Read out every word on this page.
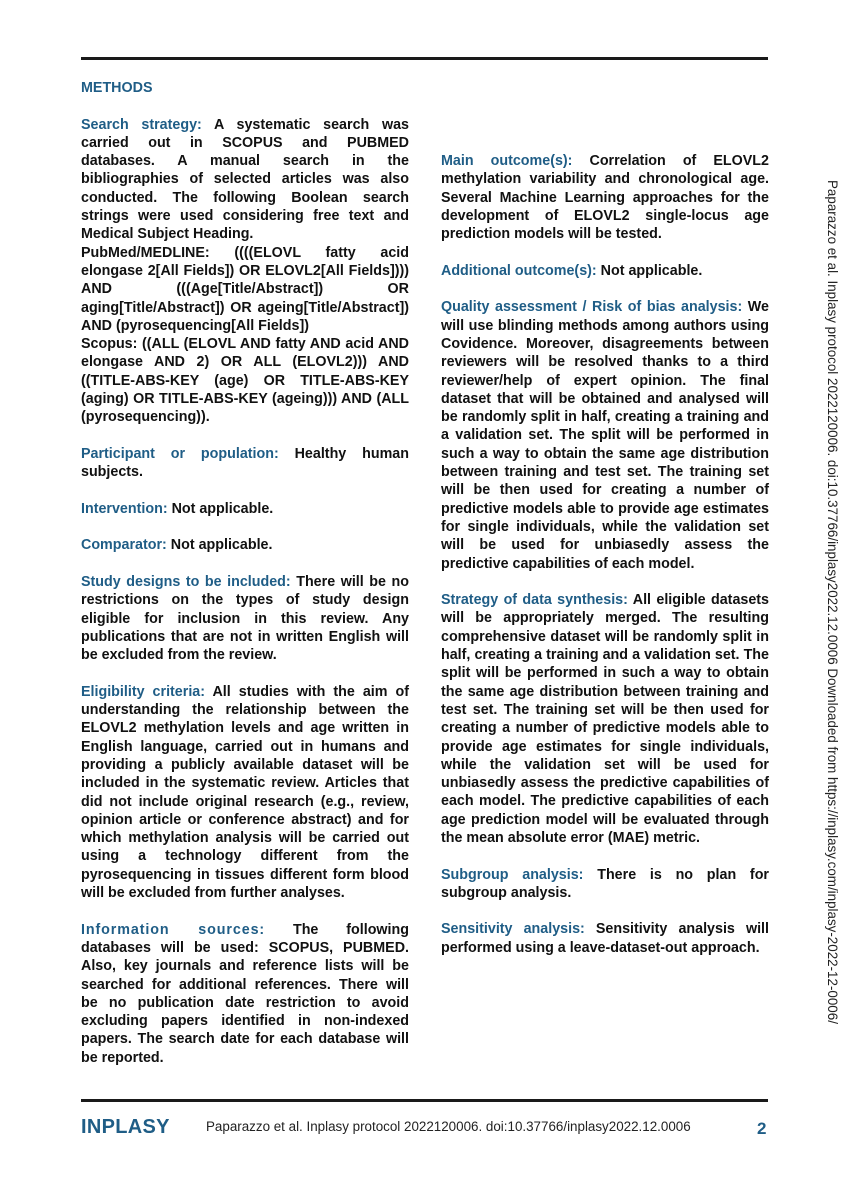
METHODS

Search strategy: A systematic search was carried out in SCOPUS and PUBMED databases. A manual search in the bibliographies of selected articles was also conducted. The following Boolean search strings were used considering free text and Medical Subject Heading.
PubMed/MEDLINE: ((((ELOVL fatty acid elongase 2[All Fields]) OR ELOVL2[All Fields]))) AND (((Age[Title/Abstract]) OR aging[Title/Abstract]) OR ageing[Title/Abstract]) AND (pyrosequencing[All Fields])
Scopus: ((ALL (ELOVL AND fatty AND acid AND elongase AND 2) OR ALL (ELOVL2))) AND ((TITLE-ABS-KEY (age) OR TITLE-ABS-KEY (aging) OR TITLE-ABS-KEY (ageing))) AND (ALL (pyrosequencing)).

Participant or population: Healthy human subjects.

Intervention: Not applicable.

Comparator: Not applicable.

Study designs to be included: There will be no restrictions on the types of study design eligible for inclusion in this review. Any publications that are not in written English will be excluded from the review.

Eligibility criteria: All studies with the aim of understanding the relationship between the ELOVL2 methylation levels and age written in English language, carried out in humans and providing a publicly available dataset will be included in the systematic review. Articles that did not include original research (e.g., review, opinion article or conference abstract) and for which methylation analysis will be carried out using a technology different from the pyrosequencing in tissues different form blood will be excluded from further analyses.

Information sources: The following databases will be used: SCOPUS, PUBMED. Also, key journals and reference lists will be searched for additional references. There will be no publication date restriction to avoid excluding papers identified in non-indexed papers. The search date for each database will be reported.

Main outcome(s): Correlation of ELOVL2 methylation variability and chronological age. Several Machine Learning approaches for the development of ELOVL2 single-locus age prediction models will be tested.

Additional outcome(s): Not applicable.

Quality assessment / Risk of bias analysis: We will use blinding methods among authors using Covidence. Moreover, disagreements between reviewers will be resolved thanks to a third reviewer/help of expert opinion. The final dataset that will be obtained and analysed will be randomly split in half, creating a training and a validation set. The split will be performed in such a way to obtain the same age distribution between training and test set. The training set will be then used for creating a number of predictive models able to provide age estimates for single individuals, while the validation set will be used for unbiasedly assess the predictive capabilities of each model.

Strategy of data synthesis: All eligible datasets will be appropriately merged. The resulting comprehensive dataset will be randomly split in half, creating a training and a validation set. The split will be performed in such a way to obtain the same age distribution between training and test set. The training set will be then used for creating a number of predictive models able to provide age estimates for single individuals, while the validation set will be used for unbiasedly assess the predictive capabilities of each model. The predictive capabilities of each age prediction model will be evaluated through the mean absolute error (MAE) metric.

Subgroup analysis: There is no plan for subgroup analysis.

Sensitivity analysis: Sensitivity analysis will performed using a leave-dataset-out approach.

INPLASY	Paparazzo et al. Inplasy protocol 2022120006. doi:10.37766/inplasy2022.12.0006	2
Paparazzo et al. Inplasy protocol 2022120006. doi:10.37766/inplasy2022.12.0006 Downloaded from https://inplasy.com/inplasy-2022-12-0006/
